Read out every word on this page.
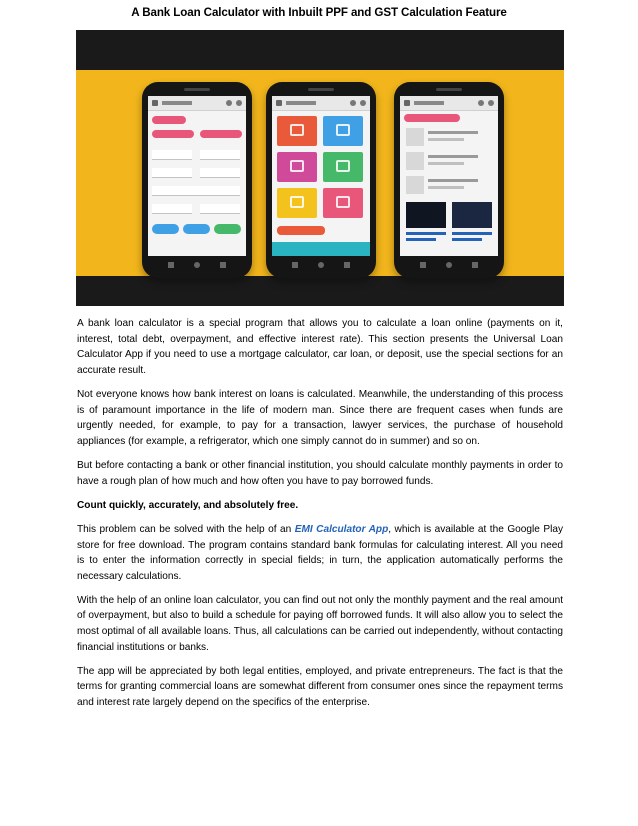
A Bank Loan Calculator with Inbuilt PPF and GST Calculation Feature

A bank loan calculator is a special program that allows you to calculate a loan online (payments on it, interest, total debt, overpayment, and effective interest rate). This section presents the Universal Loan Calculator App if you need to use a mortgage calculator, car loan, or deposit, use the special sections for an accurate result.

Not everyone knows how bank interest on loans is calculated. Meanwhile, the understanding of this process is of paramount importance in the life of modern man. Since there are frequent cases when funds are urgently needed, for example, to pay for a transaction, lawyer services, the purchase of household appliances (for example, a refrigerator, which one simply cannot do in summer) and so on.

But before contacting a bank or other financial institution, you should calculate monthly payments in order to have a rough plan of how much and how often you have to pay borrowed funds.

Count quickly, accurately, and absolutely free.

This problem can be solved with the help of an EMI Calculator App, which is available at the Google Play store for free download. The program contains standard bank formulas for calculating interest. All you need is to enter the information correctly in special fields; in turn, the application automatically performs the necessary calculations.

With the help of an online loan calculator, you can find out not only the monthly payment and the real amount of overpayment, but also to build a schedule for paying off borrowed funds. It will also allow you to select the most optimal of all available loans. Thus, all calculations can be carried out independently, without contacting financial institutions or banks.

The app will be appreciated by both legal entities, employed, and private entrepreneurs. The fact is that the terms for granting commercial loans are somewhat different from consumer ones since the repayment terms and interest rate largely depend on the specifics of the enterprise.
